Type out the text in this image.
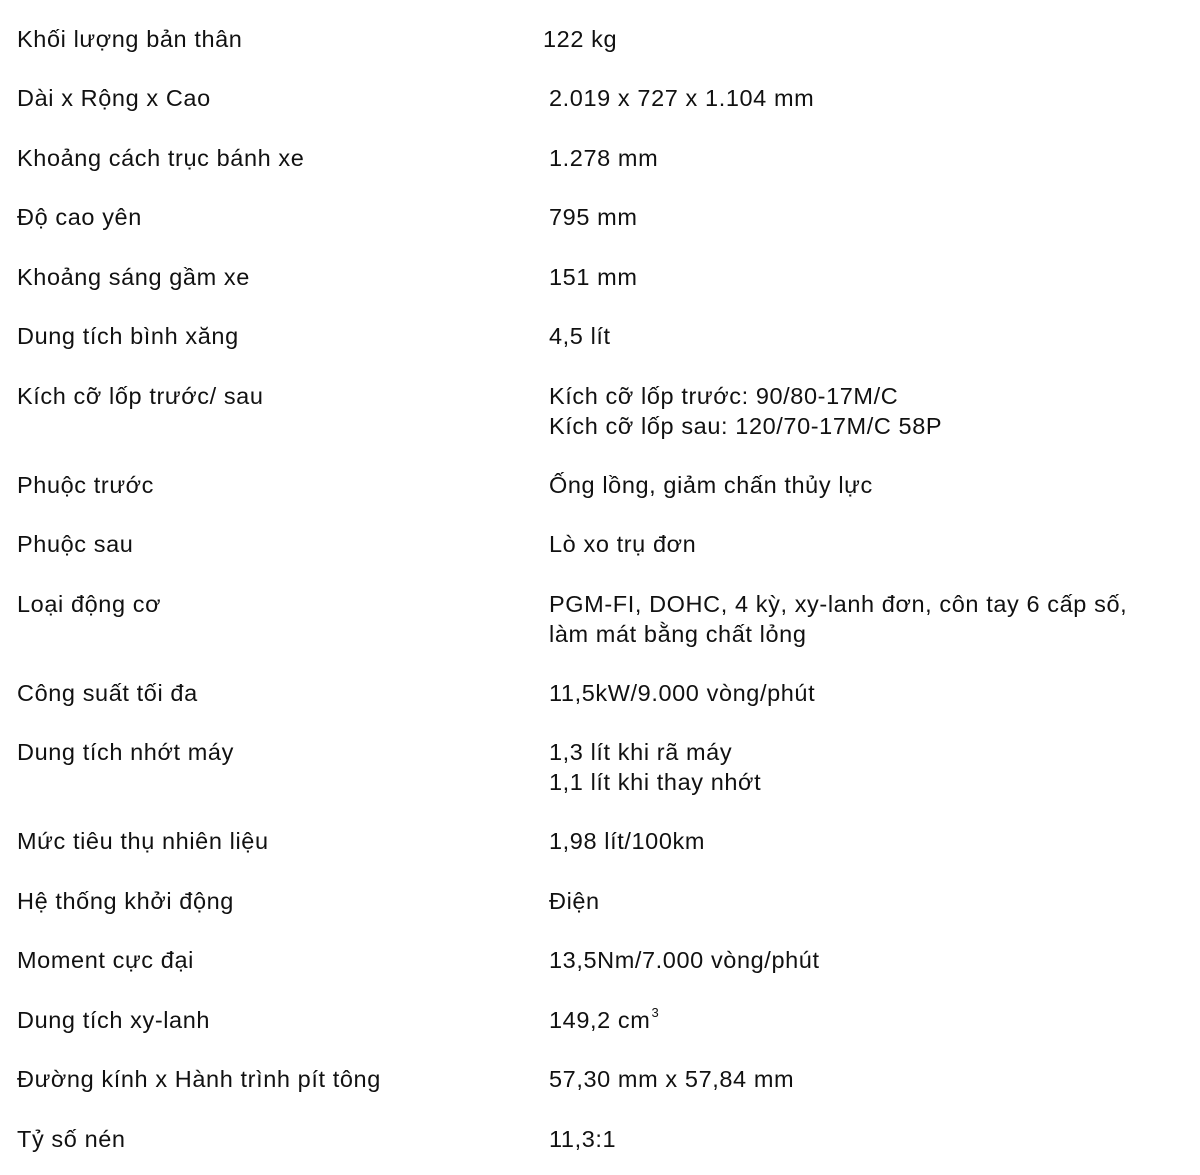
Khối lượng bản thân	122 kg
Dài x Rộng x Cao	2.019 x 727 x 1.104 mm
Khoảng cách trục bánh xe	1.278 mm
Độ cao yên	795 mm
Khoảng sáng gầm xe	151 mm
Dung tích bình xăng	4,5 lít
Kích cỡ lốp trước/ sau	Kích cỡ lốp trước: 90/80-17M/C
Kích cỡ lốp sau: 120/70-17M/C 58P
Phuộc trước	Ống lồng, giảm chấn thủy lực
Phuộc sau	Lò xo trụ đơn
Loại động cơ	PGM-FI, DOHC, 4 kỳ, xy-lanh đơn, côn tay 6 cấp số,
làm mát bằng chất lỏng
Công suất tối đa	11,5kW/9.000 vòng/phút
Dung tích nhớt máy	1,3 lít khi rã máy
1,1 lít khi thay nhớt
Mức tiêu thụ nhiên liệu	1,98 lít/100km
Hệ thống khởi động	Điện
Moment cực đại	13,5Nm/7.000 vòng/phút
Dung tích xy-lanh	149,2 $cm^3$
Đường kính x Hành trình pít tông	57,30 mm x 57,84 mm
Tỷ số nén	11,3:1
